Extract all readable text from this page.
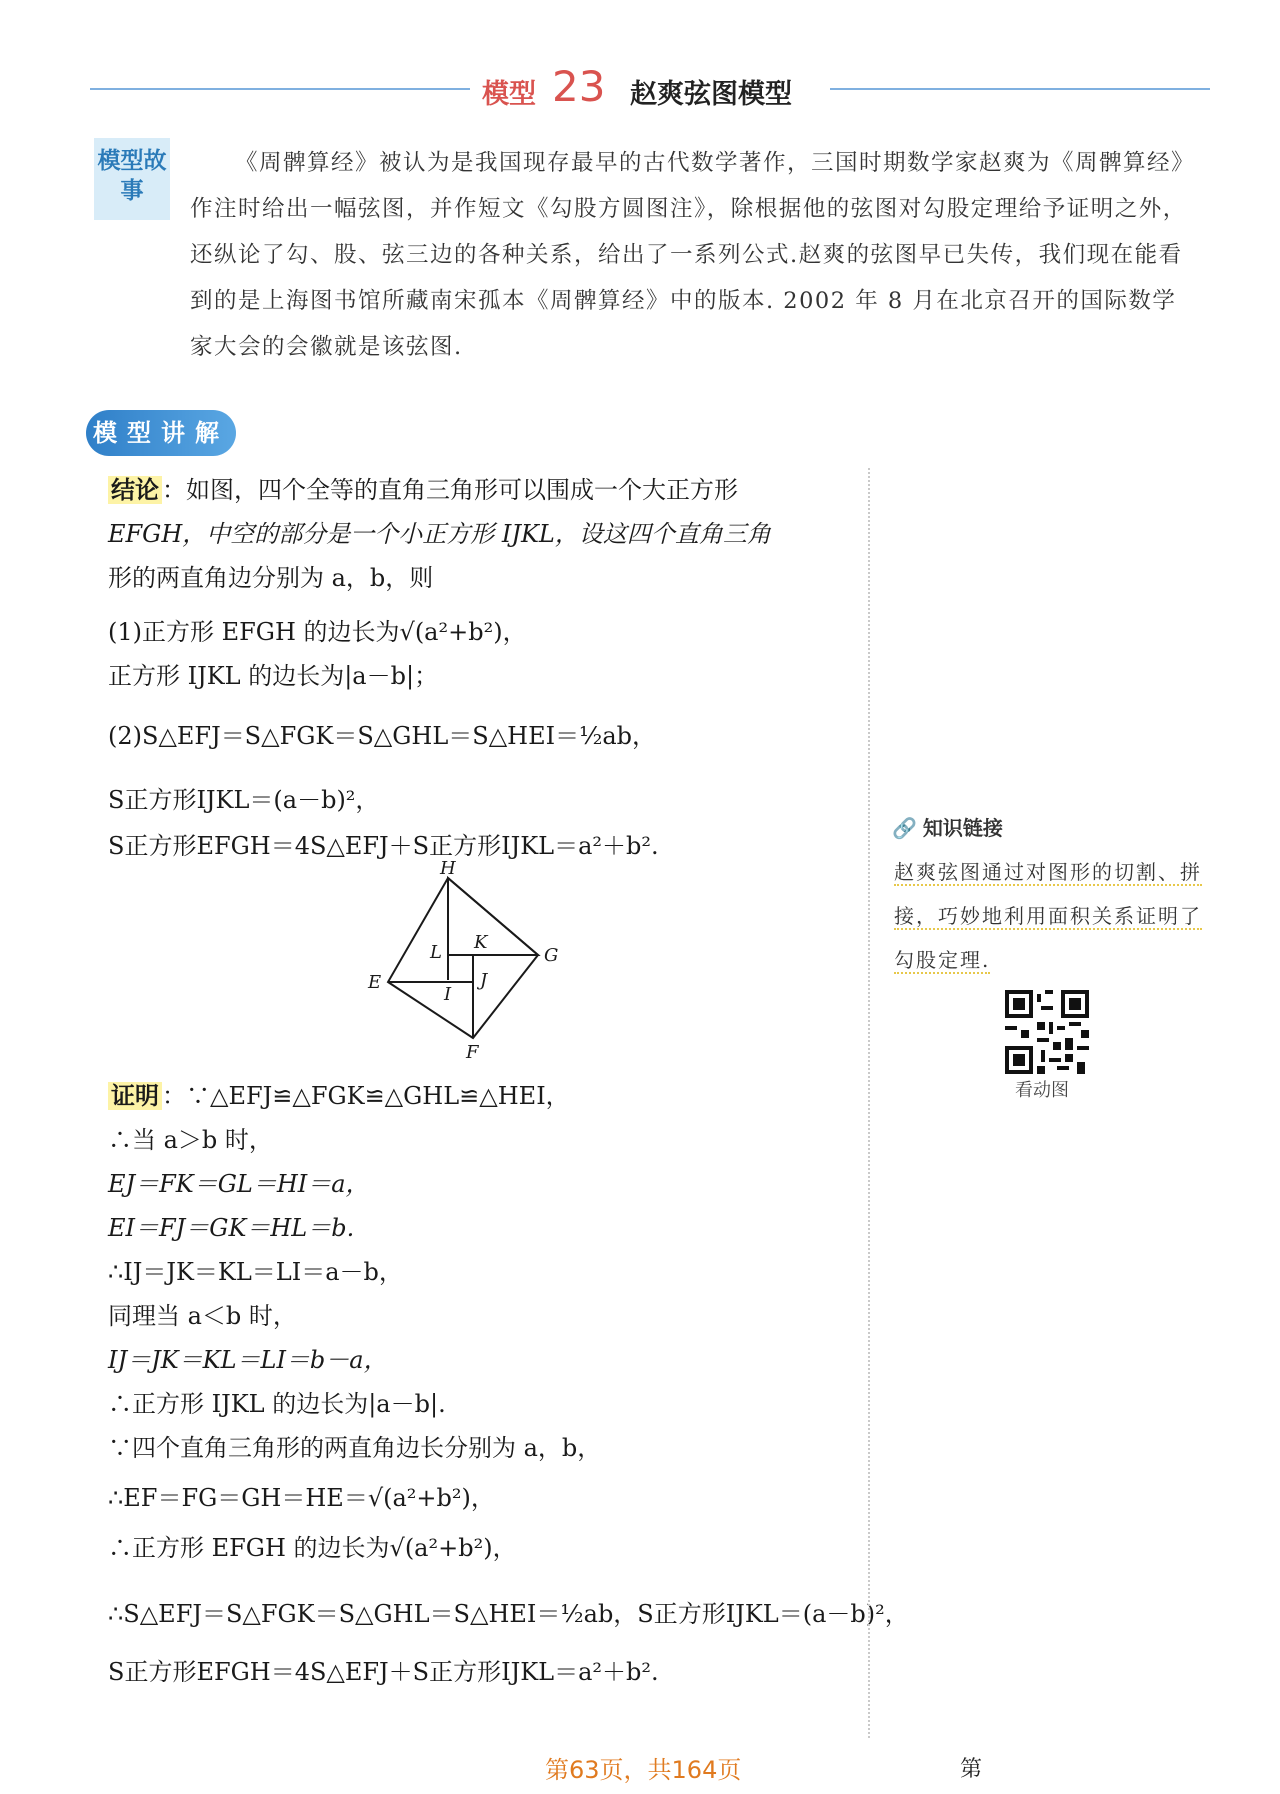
模型 23 赵爽弦图模型
模型故事

《周髀算经》被认为是我国现存最早的古代数学著作，三国时期数学家赵爽为《周髀算经》作注时给出一幅弦图，并作短文《勾股方圆图注》，除根据他的弦图对勾股定理给予证明之外，还纵论了勾、股、弦三边的各种关系，给出了一系列公式.赵爽的弦图早已失传，我们现在能看到的是上海图书馆所藏南宋孤本《周髀算经》中的版本. 2002 年 8 月在北京召开的国际数学家大会的会徽就是该弦图.

模型讲解
结论 ：如图，四个全等的直角三角形可以围成一个大正方形
EFGH，中空的部分是一个小正方形 IJKL，设这四个直角三角
形的两直角边分别为 a，b，则
(1)正方形 EFGH 的边长为√(a²+b²)，
正方形 IJKL 的边长为|a－b|；
(2)S△EFJ＝S△FGK＝S△GHL＝S△HEI＝½ab，
S正方形IJKL＝(a－b)²，
S正方形EFGH＝4S△EFJ＋S正方形IJKL＝a²＋b².
H
G
E
F
K
L
I
J
证明 ：∵△EFJ≌△FGK≌△GHL≌△HEI，
∴当 a＞b 时，
EJ＝FK＝GL＝HI＝a，
EI＝FJ＝GK＝HL＝b.
∴IJ＝JK＝KL＝LI＝a－b，
同理当 a＜b 时，
IJ＝JK＝KL＝LI＝b－a，
∴正方形 IJKL 的边长为|a－b|.
∵四个直角三角形的两直角边长分别为 a，b，
∴EF＝FG＝GH＝HE＝√(a²+b²)，
∴正方形 EFGH 的边长为√(a²+b²)，
∴S△EFJ＝S△FGK＝S△GHL＝S△HEI＝½ab，S正方形IJKL＝(a－b)²，
S正方形EFGH＝4S△EFJ＋S正方形IJKL＝a²＋b².
🔗 知识链接
赵爽弦图通过对图形的切割、拼接，巧妙地利用面积关系证明了勾股定理.
看动图
第63页，共164页	第
